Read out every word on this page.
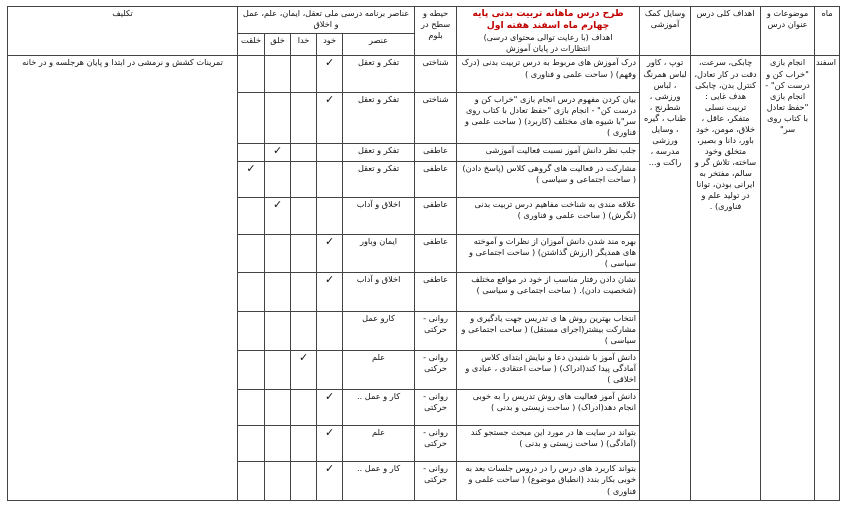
ماه	موضوعات و عنوان درس	اهداف کلی درس	وسایل کمک آموزشی	طرح درس ماهانه تربیت بدنی پایه چهارم ماه اسفند هفته اول
اهداف (با رعایت توالی محتوای درسی)
انتظارات در پایان آموزش	حیطه و سطح در بلوم	عناصر برنامه درسی ملی تعقل، ایمان، علم، عمل و اخلاق					تکلیف
						عنصر	خود	خدا	خلق	خلقت	
اسفند	انجام بازی "خراب کن و درست کن" - انجام بازی "حفظ تعادل با کتاب روی سر"	چابکی، سرعت، دقت در کار تعادل، کنترل بدن، چابکی هدف غایی : تربیت نسلی متفکر، عاقل ، خلاق، مومن، خود باور، دانا و بصیر، متخلق وخود ساخته، تلاش گر و سالم، مفتخر به ایرانی بودن، توانا در تولید علم و فناوری) .	توپ ، کاور لباس همرنگ ، لباس ورزشی ، شطرنج ، طناب ، گیره ، وسایل ورزشی مدرسه ، راکت و...	درک آموزش های مربوط به درس تربیت بدنی (درک وفهم) ( ساحت علمی و فناوری )	شناختی	تفکر و تعقل	✓				تمرینات کشش و نرمشی در ابتدا و پایان هرجلسه و در خانه
				بیان کردن مفهوم درس انجام بازی "خراب کن و درست کن" - انجام بازی "حفظ تعادل با کتاب روی سر"با شیوه های مختلف (کاربرد) ( ساحت علمی و فناوری )	شناختی	تفکر و تعقل	✓				
				جلب نظر دانش آموز نسبت فعالیت آموزشی	عاطفی	تفکر و تعقل			✓		
				مشارکت در فعالیت های گروهی کلاس (پاسخ دادن) ( ساحت اجتماعی و سیاسی )	عاطفی	تفکر و تعقل				✓	
				علاقه مندی به شناخت مفاهیم درس تربیت بدنی (نگرش) ( ساحت علمی و فناوری )	عاطفی	اخلاق و آداب			✓		
				بهره مند شدن دانش آموزان از نظرات و آموخته های همدیگر (ارزش گذاشتن) ( ساحت اجتماعی و سیاسی )	عاطفی	ایمان وباور	✓				
				نشان دادن رفتار مناسب از خود در مواقع مختلف (شخصیت دادن). ( ساحت اجتماعی و سیاسی )	عاطفی	اخلاق و آداب	✓				
				انتخاب بهترین روش ها ی تدریس جهت یادگیری و مشارکت بیشتر(اجرای مستقل) ( ساحت اجتماعی و سیاسی )	روانی - حرکتی	کارو عمل					
				دانش آموز با شنیدن دعا و نیایش ابتدای کلاس آمادگی پیدا کند(ادراک) ( ساحت اعتقادی ، عبادی و اخلاقی )	روانی - حرکتی	علم		✓			
				دانش آموز فعالیت های روش تدریس را به خوبی انجام دهد(ادراک) ( ساحت زیستی و بدنی )	روانی - حرکتی	کار و عمل ..	✓				
				بتواند در سایت ها در مورد این مبحث جستجو کند (آمادگی) ( ساحت زیستی و بدنی )	روانی - حرکتی	علم	✓				
				بتواند کاربرد های درس را در دروس جلسات بعد به خوبی بکار بندد (انطباق موضوع) ( ساحت علمی و فناوری )	روانی - حرکتی	کار و عمل ..	✓				
